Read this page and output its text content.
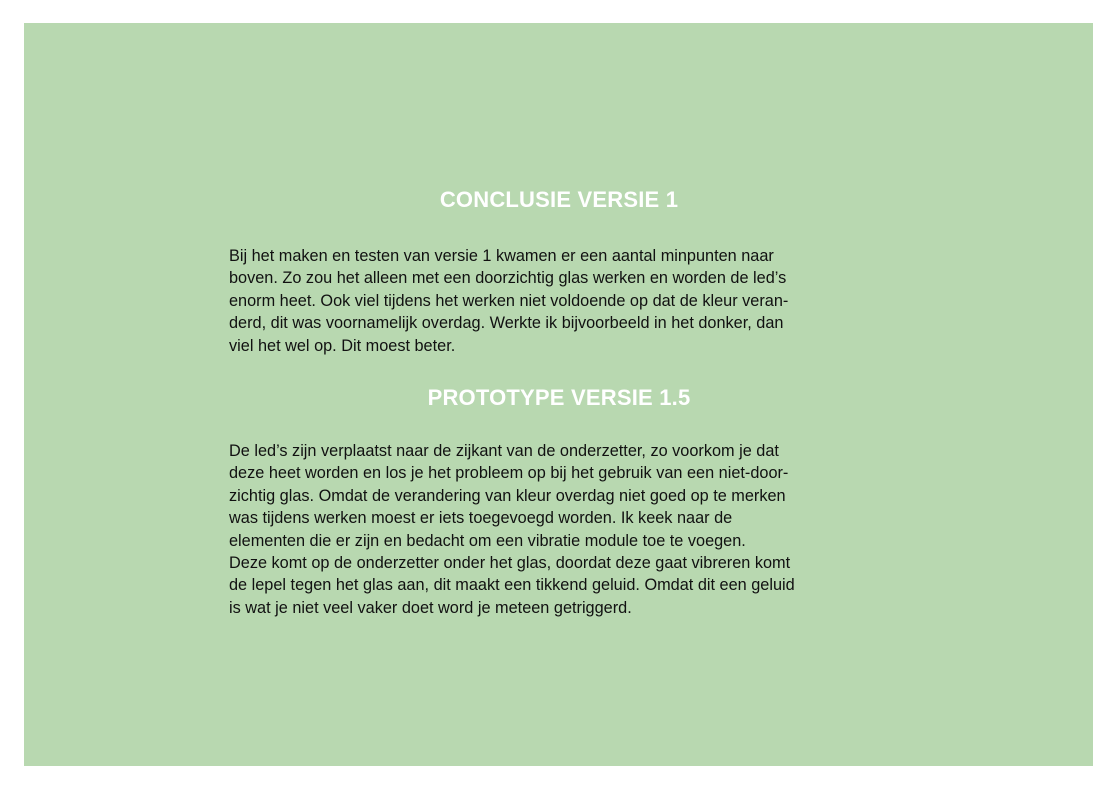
CONCLUSIE VERSIE 1

Bij het maken en testen van versie 1 kwamen er een aantal minpunten naar
boven. Zo zou het alleen met een doorzichtig glas werken en worden de led’s
enorm heet. Ook viel tijdens het werken niet voldoende op dat de kleur veran-
derd, dit was voornamelijk overdag. Werkte ik bijvoorbeeld in het donker, dan
viel het wel op. Dit moest beter.

PROTOTYPE VERSIE 1.5

De led’s zijn verplaatst naar de zijkant van de onderzetter, zo voorkom je dat
deze heet worden en los je het probleem op bij het gebruik van een niet-door-
zichtig glas. Omdat de verandering van kleur overdag niet goed op te merken
was tijdens werken moest er iets toegevoegd worden. Ik keek naar de
elementen die er zijn en bedacht om een vibratie module toe te voegen.
Deze komt op de onderzetter onder het glas, doordat deze gaat vibreren komt
de lepel tegen het glas aan, dit maakt een tikkend geluid. Omdat dit een geluid
is wat je niet veel vaker doet word je meteen getriggerd.
